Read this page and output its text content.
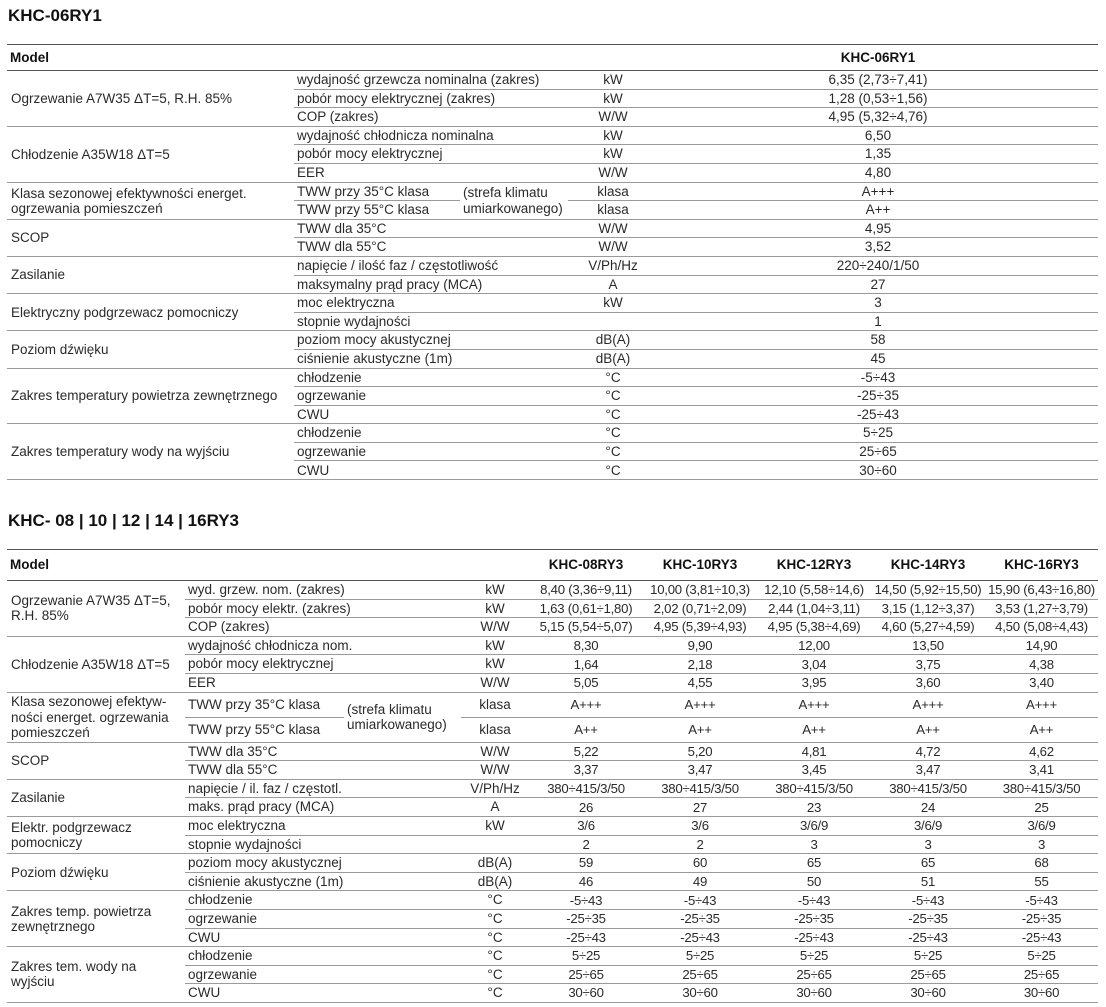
KHC-06RY1
Model				KHC-06RY1
Ogrzewanie A7W35 ΔT=5, R.H. 85%	wydajność grzewcza nominalna (zakres)		kW	6,35 (2,73÷7,41)
	pobór mocy elektrycznej (zakres)		kW	1,28 (0,53÷1,56)
	COP (zakres)		W/W	4,95 (5,32÷4,76)
Chłodzenie A35W18 ΔT=5	wydajność chłodnicza nominalna		kW	6,50
	pobór mocy elektrycznej		kW	1,35
	EER		W/W	4,80
Klasa sezonowej efektywności energet. ogrzewania pomieszczeń	TWW przy 35°C klasa	(strefa klimatu umiarkowanego)	klasa	A+++
	TWW przy 55°C klasa		klasa	A++
SCOP	TWW dla 35°C		W/W	4,95
	TWW dla 55°C		W/W	3,52
Zasilanie	napięcie / ilość faz / częstotliwość		V/Ph/Hz	220÷240/1/50
	maksymalny prąd pracy (MCA)		A	27
Elektryczny podgrzewacz pomocniczy	moc elektryczna		kW	3
	stopnie wydajności			1
Poziom dźwięku	poziom mocy akustycznej		dB(A)	58
	ciśnienie akustyczne (1m)		dB(A)	45
Zakres temperatury powietrza zewnętrznego	chłodzenie		°C	-5÷43
	ogrzewanie		°C	-25÷35
	CWU		°C	-25÷43
Zakres temperatury wody na wyjściu	chłodzenie		°C	5÷25
	ogrzewanie		°C	25÷65
	CWU		°C	30÷60
KHC- 08 | 10 | 12 | 14 | 16RY3
Model				KHC-08RY3	KHC-10RY3	KHC-12RY3	KHC-14RY3	KHC-16RY3
Ogrzewanie A7W35 ΔT=5, R.H. 85%	wyd. grzew. nom. (zakres)		kW	8,40 (3,36÷9,11)	10,00 (3,81÷10,3)	12,10 (5,58÷14,6)	14,50 (5,92÷15,50)	15,90 (6,43÷16,80)
	pobór mocy elektr. (zakres)		kW	1,63 (0,61÷1,80)	2,02 (0,71÷2,09)	2,44 (1,04÷3,11)	3,15 (1,12÷3,37)	3,53 (1,27÷3,79)
	COP (zakres)		W/W	5,15 (5,54÷5,07)	4,95 (5,39÷4,93)	4,95 (5,38÷4,69)	4,60 (5,27÷4,59)	4,50 (5,08÷4,43)
Chłodzenie A35W18 ΔT=5	wydajność chłodnicza nom.		kW	8,30	9,90	12,00	13,50	14,90
	pobór mocy elektrycznej		kW	1,64	2,18	3,04	3,75	4,38
	EER		W/W	5,05	4,55	3,95	3,60	3,40
Klasa sezonowej efektyw-ności energet. ogrzewania pomieszczeń	TWW przy 35°C klasa	(strefa klimatu umiarkowanego)	klasa	A+++	A+++	A+++	A+++	A+++
	TWW przy 55°C klasa		klasa	A++	A++	A++	A++	A++
SCOP	TWW dla 35°C		W/W	5,22	5,20	4,81	4,72	4,62
	TWW dla 55°C		W/W	3,37	3,47	3,45	3,47	3,41
Zasilanie	napięcie / il. faz / częstotl.		V/Ph/Hz	380÷415/3/50	380÷415/3/50	380÷415/3/50	380÷415/3/50	380÷415/3/50
	maks. prąd pracy (MCA)		A	26	27	23	24	25
Elektr. podgrzewacz pomocniczy	moc elektryczna		kW	3/6	3/6	3/6/9	3/6/9	3/6/9
	stopnie wydajności			2	2	3	3	3
Poziom dźwięku	poziom mocy akustycznej		dB(A)	59	60	65	65	68
	ciśnienie akustyczne (1m)		dB(A)	46	49	50	51	55
Zakres temp. powietrza zewnętrznego	chłodzenie		°C	-5÷43	-5÷43	-5÷43	-5÷43	-5÷43
	ogrzewanie		°C	-25÷35	-25÷35	-25÷35	-25÷35	-25÷35
	CWU		°C	-25÷43	-25÷43	-25÷43	-25÷43	-25÷43
Zakres tem. wody na wyjściu	chłodzenie		°C	5÷25	5÷25	5÷25	5÷25	5÷25
	ogrzewanie		°C	25÷65	25÷65	25÷65	25÷65	25÷65
	CWU		°C	30÷60	30÷60	30÷60	30÷60	30÷60
